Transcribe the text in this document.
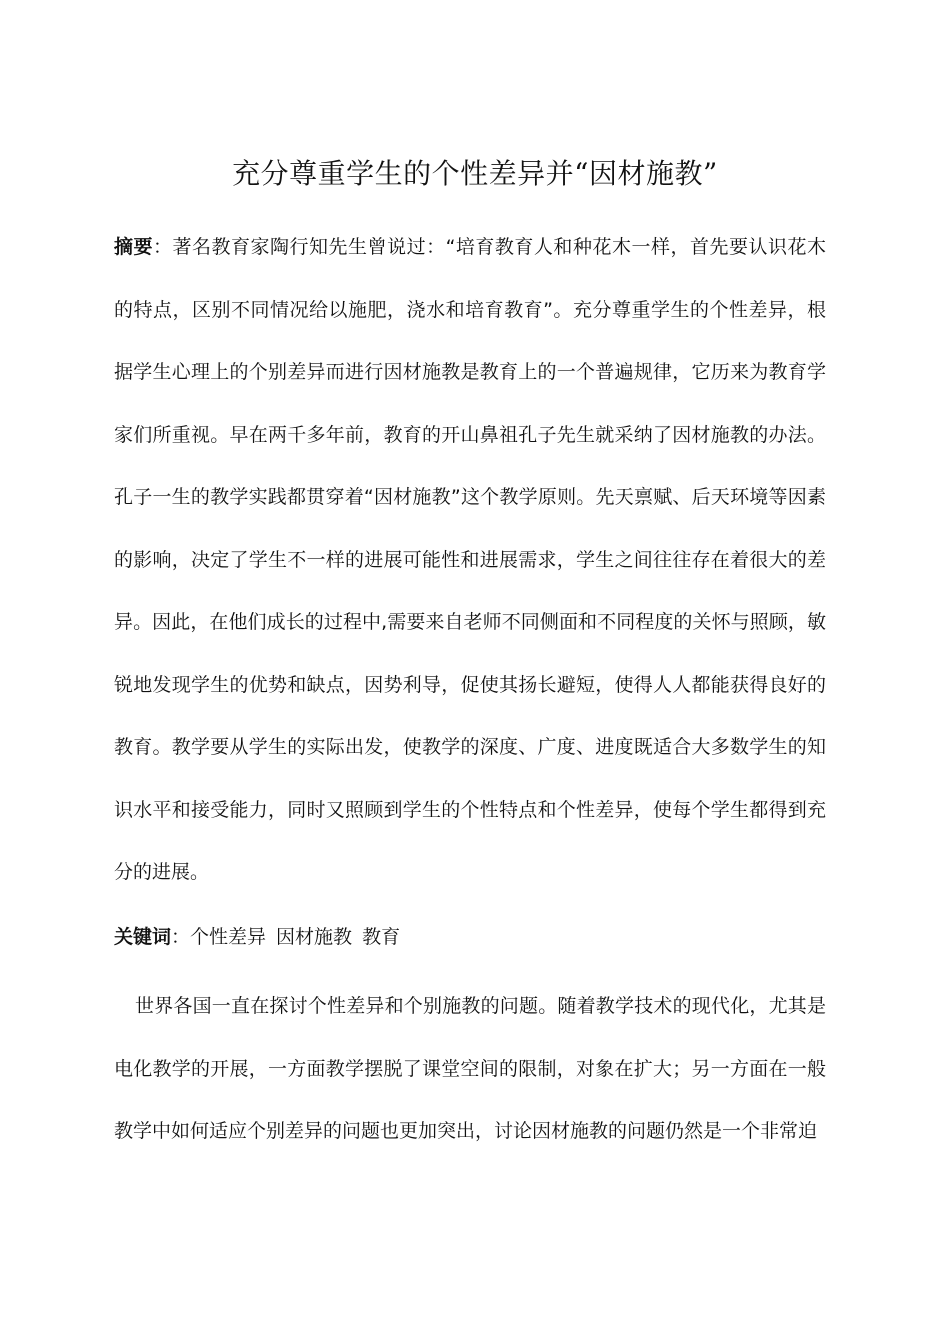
充分尊重学生的个性差异并“因材施教”

摘要：著名教育家陶行知先生曾说过：“培育教育人和种花木一样，首先要认识花木的特点，区别不同情况给以施肥，浇水和培育教育”。充分尊重学生的个性差异，根据学生心理上的个别差异而进行因材施教是教育上的一个普遍规律，它历来为教育学家们所重视。早在两千多年前，教育的开山鼻祖孔子先生就采纳了因材施教的办法。孔子一生的教学实践都贯穿着“因材施教”这个教学原则。先天禀赋、后天环境等因素的影响，决定了学生不一样的进展可能性和进展需求，学生之间往往存在着很大的差异。因此，在他们成长的过程中,需要来自老师不同侧面和不同程度的关怀与照顾，敏锐地发现学生的优势和缺点，因势利导，促使其扬长避短，使得人人都能获得良好的教育。教学要从学生的实际出发，使教学的深度、广度、进度既适合大多数学生的知识水平和接受能力，同时又照顾到学生的个性特点和个性差异，使每个学生都得到充分的进展。

关键词：个性差异 因材施教 教育

世界各国一直在探讨个性差异和个别施教的问题。随着教学技术的现代化，尤其是电化教学的开展，一方面教学摆脱了课堂空间的限制，对象在扩大；另一方面在一般教学中如何适应个别差异的问题也更加突出，讨论因材施教的问题仍然是一个非常迫
